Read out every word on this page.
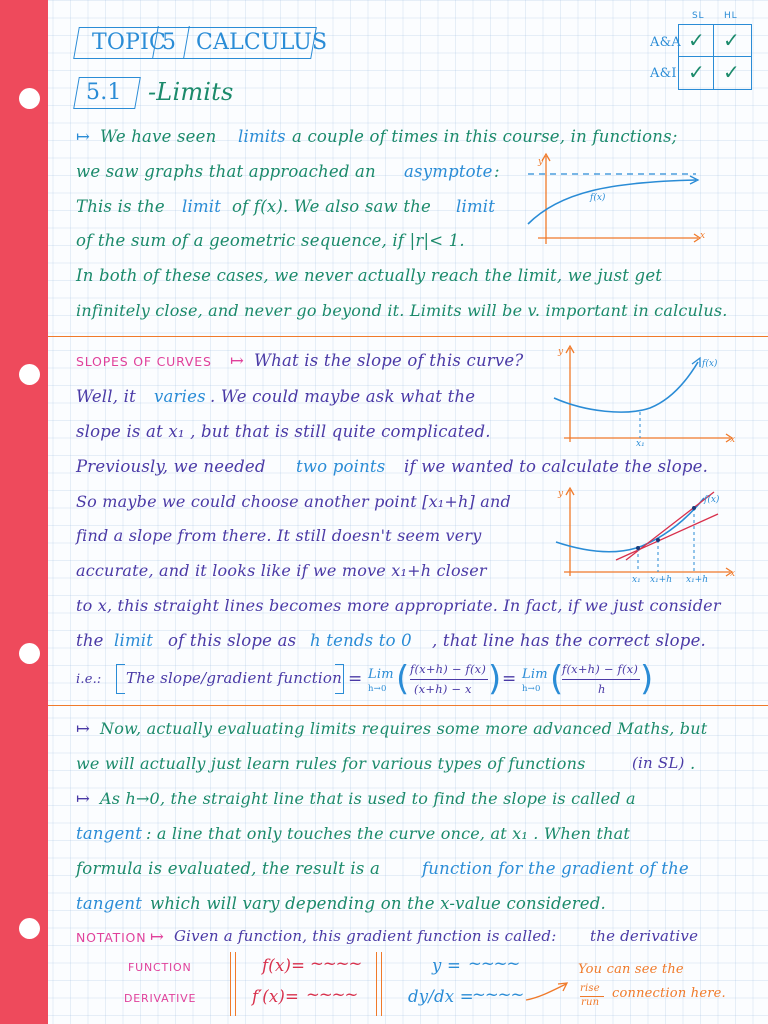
TOPIC
5 CALCULUS
5.1 -Limits
SL HL
A&A
A&I
✓ ✓
✓ ✓
↦ We have seen limits a couple of times in this course, in functions;
we saw graphs that approached an asymptote :
This is the limit of f(x). We also saw the limit
of the sum of a geometric sequence, if |r|< 1.
In both of these cases, we never actually reach the limit, we just get
infinitely close, and never go beyond it. Limits will be v. important in calculus.
y
x
f(x)
SLOPES OF CURVES ↦ What is the slope of this curve?
Well, it varies . We could maybe ask what the
slope is at x₁ , but that is still quite complicated.
Previously, we needed two points if we wanted to calculate the slope.
So maybe we could choose another point [x₁+h] and
find a slope from there. It still doesn't seem very
accurate, and it looks like if we move x₁+h closer
to x, this straight lines becomes more appropriate. In fact, if we just consider
the limit of this slope as h tends to 0 , that line has the correct slope.
i.e.: The slope/gradient function = Lim
h→0 ( f(x+h) − f(x)
(x+h) − x ) = Lim
h→0 (
f(x+h) − f(x)
h )
y
x
f(x)
x₁
y
x
f(x)
x₁ x₁+h x₁+h
↦ Now, actually evaluating limits requires some more advanced Maths, but
we will actually just learn rules for various types of functions	(in SL) .
↦ As h→0, the straight line that is used to find the slope is called a
tangent : a line that only touches the curve once, at x₁ . When that
formula is evaluated, the result is a	function for the gradient of the
tangent which will vary depending on the x-value considered.
NOTATION ↦ Given a function, this gradient function is called: the derivative
FUNCTION
DERIVATIVE
f(x)= ~~~~
f′(x)= ~~~~
y = ~~~~
dy/dx =
~~~~
You can see the
rise
run
connection here.
